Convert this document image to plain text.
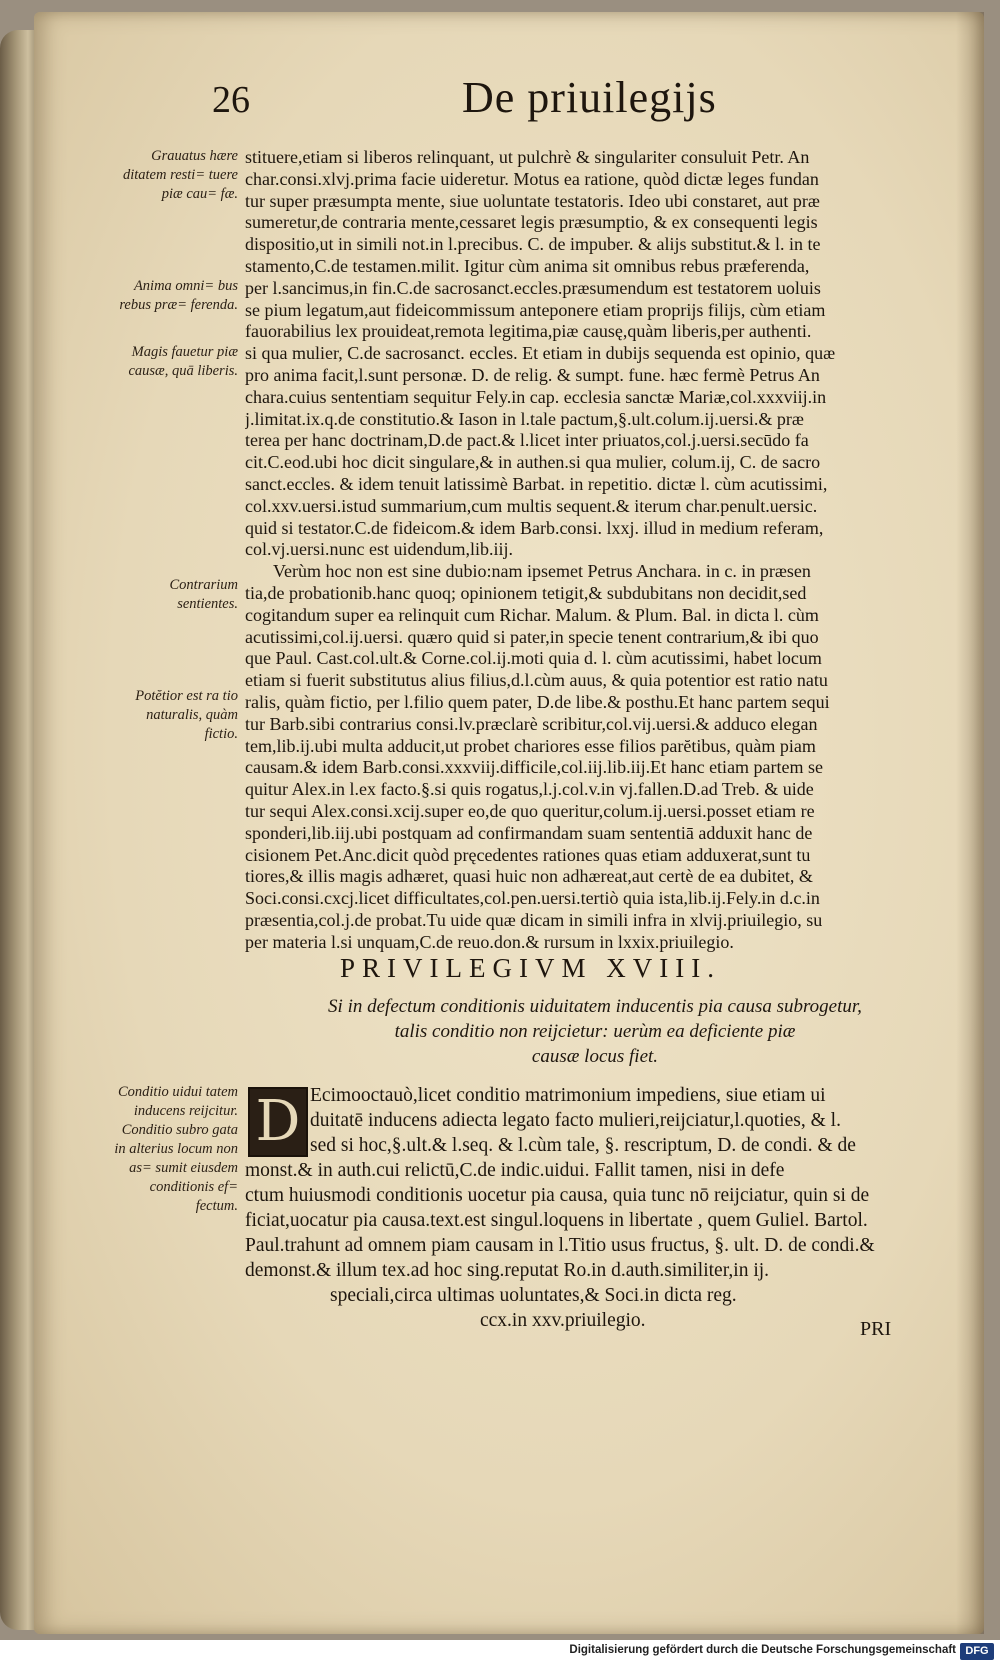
26	De priuilegijs
Grauatus hære ditatem resti= tuere piæ cau= fæ.
Anima omni= bus rebus præ= ferenda.
Magis fauetur piæ causæ, quā liberis.
Contrarium sentientes.
Potĕtior est ra tio naturalis, quàm fictio.
Conditio uidui tatem inducens reijcitur. Conditio subro gata in alterius locum non as= sumit eiusdem conditionis ef= fectum.
PRIVILEGIVM XVIII.
Si in defectum conditionis uiduitatem inducentis pia causa subrogetur,
talis conditio non reijcietur: uerùm ea deficiente piæ
causæ locus fiet.
D Ecimooctauò,licet conditio matrimonium impediens, siue etiam ui
duitatē inducens adiecta legato facto mulieri,reijciatur,l.quoties, & l.
sed si hoc,§.ult.& l.seq. & l.cùm tale, §. rescriptum, D. de condi. & de
monst.& in auth.cui relictū,C.de indic.uidui. Fallit tamen, nisi in defe
ctum huiusmodi conditionis uocetur pia causa, quia tunc nō reijciatur, quin si de
ficiat,uocatur pia causa.text.est singul.loquens in libertate , quem Guliel. Bartol.
Paul.trahunt ad omnem piam causam in l.Titio usus fructus, §. ult. D. de condi.&
demonst.& illum tex.ad hoc sing.reputat Ro.in d.auth.similiter,in ij.
speciali,circa ultimas uoluntates,& Soci.in dicta reg.
ccx.in xxv.priuilegio.	PRI
Digitalisierung gefördert durch die Deutsche Forschungsgemeinschaft DFG
stituere,etiam si liberos relinquant, ut pulchrè & singulariter consuluit Petr. An
char.consi.xlvj.prima facie uideretur. Motus ea ratione, quòd dictæ leges fundan
tur super præsumpta mente, siue uoluntate testatoris. Ideo ubi constaret, aut præ
sumeretur,de contraria mente,cessaret legis præsumptio, & ex consequenti legis
dispositio,ut in simili not.in l.precibus. C. de impuber. & alijs substitut.& l. in te
stamento,C.de testamen.milit. Igitur cùm anima sit omnibus rebus præferenda,
per l.sancimus,in fin.C.de sacrosanct.eccles.præsumendum est testatorem uoluis
se pium legatum,aut fideicommissum anteponere etiam proprijs filijs, cùm etiam
fauorabilius lex prouideat,remota legitima,piæ causę,quàm liberis,per authenti.
si qua mulier, C.de sacrosanct. eccles. Et etiam in dubijs sequenda est opinio, quæ
pro anima facit,l.sunt personæ. D. de relig. & sumpt. fune. hæc fermè Petrus An
chara.cuius sententiam sequitur Fely.in cap. ecclesia sanctæ Mariæ,col.xxxviij.in
j.limitat.ix.q.de constitutio.& Iason in l.tale pactum,§.ult.colum.ij.uersi.& præ
terea per hanc doctrinam,D.de pact.& l.licet inter priuatos,col.j.uersi.secūdo fa
cit.C.eod.ubi hoc dicit singulare,& in authen.si qua mulier, colum.ij, C. de sacro
sanct.eccles. & idem tenuit latissimè Barbat. in repetitio. dictæ l. cùm acutissimi,
col.xxv.uersi.istud summarium,cum multis sequent.& iterum char.penult.uersic.
quid si testator.C.de fideicom.& idem Barb.consi. lxxj. illud in medium referam,
col.vj.uersi.nunc est uidendum,lib.iij.
Verùm hoc non est sine dubio:nam ipsemet Petrus Anchara. in c. in præsen
tia,de probationib.hanc quoq; opinionem tetigit,& subdubitans non decidit,sed
cogitandum super ea relinquit cum Richar. Malum. & Plum. Bal. in dicta l. cùm
acutissimi,col.ij.uersi. quæro quid si pater,in specie tenent contrarium,& ibi quo
que Paul. Cast.col.ult.& Corne.col.ij.moti quia d. l. cùm acutissimi, habet locum
etiam si fuerit substitutus alius filius,d.l.cùm auus, & quia potentior est ratio natu
ralis, quàm fictio, per l.filio quem pater, D.de libe.& posthu.Et hanc partem sequi
tur Barb.sibi contrarius consi.lv.præclarè scribitur,col.vij.uersi.& adduco elegan
tem,lib.ij.ubi multa adducit,ut probet chariores esse filios parĕtibus, quàm piam
causam.& idem Barb.consi.xxxviij.difficile,col.iij.lib.iij.Et hanc etiam partem se
quitur Alex.in l.ex facto.§.si quis rogatus,l.j.col.v.in vj.fallen.D.ad Treb. & uide
tur sequi Alex.consi.xcij.super eo,de quo queritur,colum.ij.uersi.posset etiam re
sponderi,lib.iij.ubi postquam ad confirmandam suam sententiā adduxit hanc de
cisionem Pet.Anc.dicit quòd pręcedentes rationes quas etiam adduxerat,sunt tu
tiores,& illis magis adhæret, quasi huic non adhæreat,aut certè de ea dubitet, &
Soci.consi.cxcj.licet difficultates,col.pen.uersi.tertiò quia ista,lib.ij.Fely.in d.c.in
præsentia,col.j.de probat.Tu uide quæ dicam in simili infra in xlvij.priuilegio, su
per materia l.si unquam,C.de reuo.don.& rursum in lxxix.priuilegio.
